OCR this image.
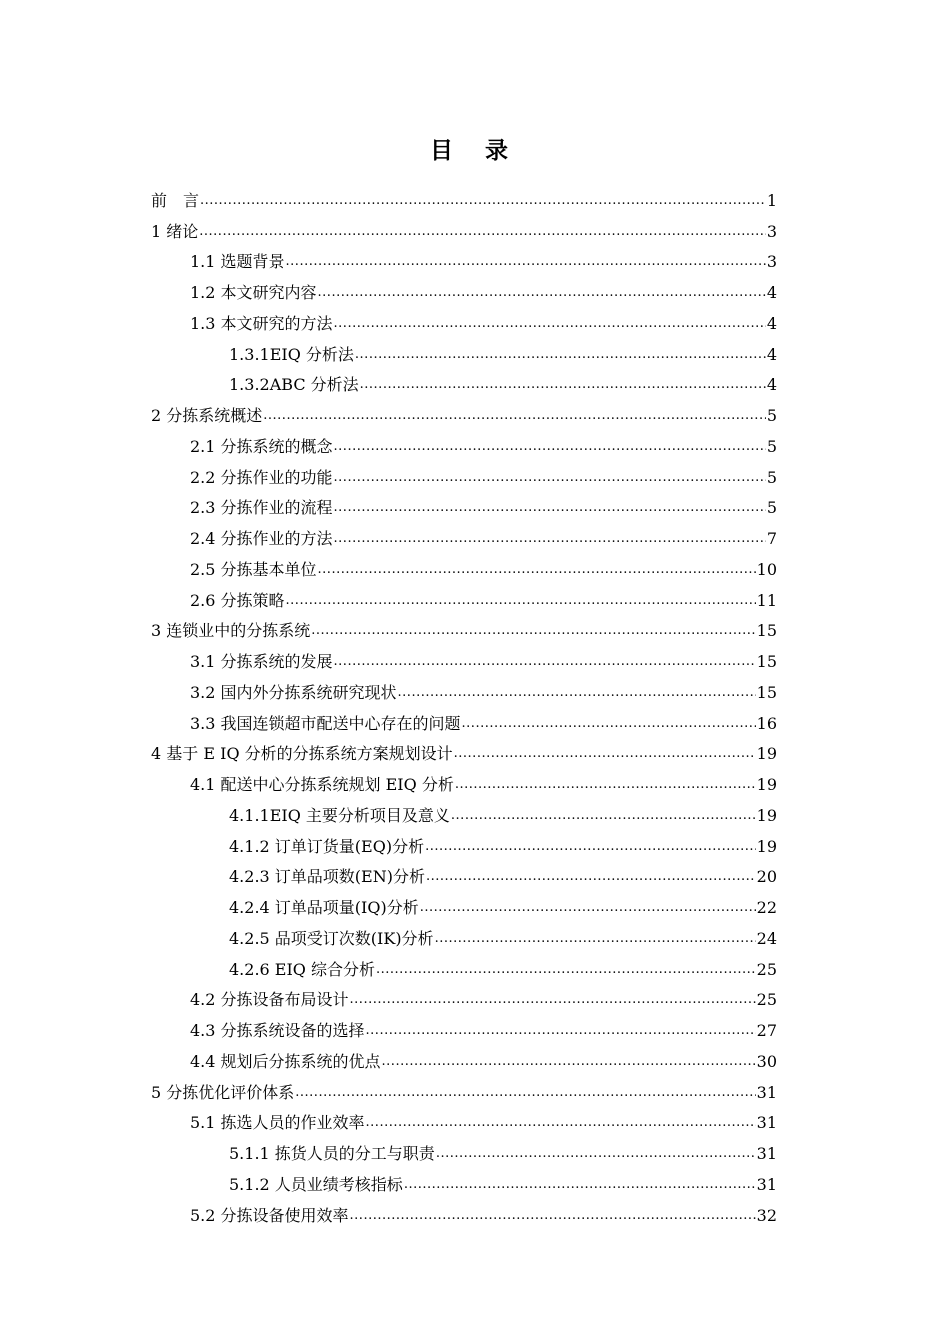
目 录
前　言 .....	1
1 绪论 .....	3
1.1 选题背景 .....	3
1.2 本文研究内容 .....	4
1.3 本文研究的方法 .....	4
1.3.1EIQ 分析法 .....	4
1.3.2ABC 分析法 .....	4
2 分拣系统概述 .....	5
2.1 分拣系统的概念 .....	5
2.2 分拣作业的功能 .....	5
2.3 分拣作业的流程 .....	5
2.4 分拣作业的方法 .....	7
2.5 分拣基本单位 .....	10
2.6 分拣策略 .....	11
3 连锁业中的分拣系统 .....	15
3.1 分拣系统的发展 .....	15
3.2 国内外分拣系统研究现状 .....	15
3.3 我国连锁超市配送中心存在的问题 .....	16
4 基于 E IQ 分析的分拣系统方案规划设计 .....	19
4.1 配送中心分拣系统规划 EIQ 分析 .....	19
4.1.1EIQ 主要分析项目及意义 .....	19
4.1.2 订单订货量(EQ)分析 .....	19
4.2.3 订单品项数(EN)分析 .....	20
4.2.4 订单品项量(IQ)分析 .....	22
4.2.5 品项受订次数(IK)分析 .....	24
4.2.6 EIQ 综合分析 .....	25
4.2 分拣设备布局设计 .....	25
4.3 分拣系统设备的选择 .....	27
4.4 规划后分拣系统的优点 .....	30
5 分拣优化评价体系 .....	31
5.1 拣选人员的作业效率 .....	31
5.1.1 拣货人员的分工与职责 .....	31
5.1.2 人员业绩考核指标 .....	31
5.2 分拣设备使用效率 .....	32
